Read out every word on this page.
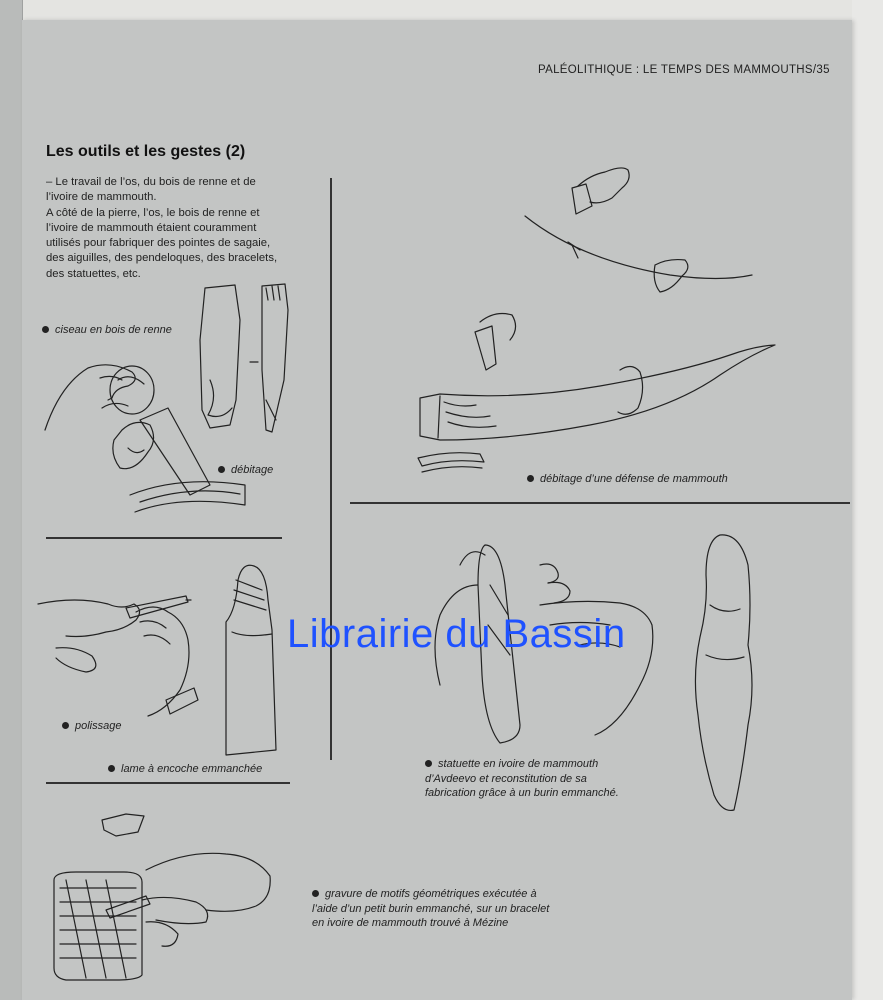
PALÉOLITHIQUE : LE TEMPS DES MAMMOUTHS/35
Les outils et les gestes (2)

– Le travail de l’os, du bois de renne et de l’ivoire de mammouth.

A côté de la pierre, l’os, le bois de renne et l’ivoire de mammouth étaient couramment utilisés pour fabriquer des pointes de sagaie, des aiguilles, des pendeloques, des bracelets, des statuettes, etc.

ciseau en bois de renne
débitage
débitage d’une défense de mammouth
polissage
lame à encoche emmanchée	statuette en ivoire de mammouth d’Avdeevo et reconstitution de sa fabrication grâce à un burin emmanché.
gravure de motifs géométriques exécutée à l’aide d’un petit burin emmanché, sur un bracelet en ivoire de mammouth trouvé à Mézine
Librairie du Bassin
